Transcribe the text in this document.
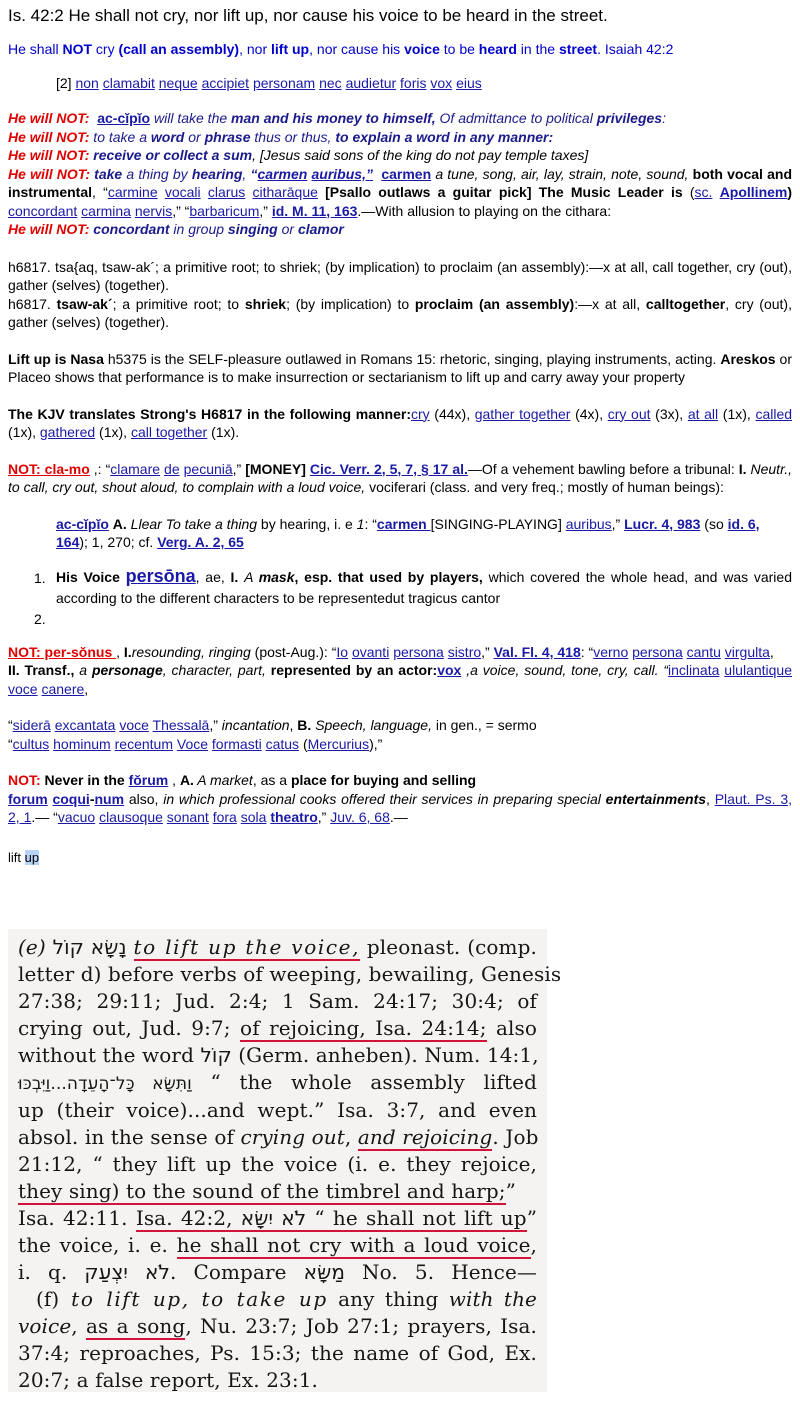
Is. 42:2 He shall not cry, nor lift up, nor cause his voice to be heard in the street.

He shall NOT cry (call an assembly), nor lift up, nor cause his voice to be heard in the street. Isaiah 42:2

[2] non clamabit neque accipiet personam nec audietur foris vox eius

He will NOT: ac-cĭpĭo will take the man and his money to himself, Of admittance to political privileges:

He will NOT: to take a word or phrase thus or thus, to explain a word in any manner:

He will NOT: receive or collect a sum, [Jesus said sons of the king do not pay temple taxes]

He will NOT: take a thing by hearing, “carmen auribus,” carmen a tune, song, air, lay, strain, note, sound, both vocal and instrumental, “carmine vocali clarus citharāque [Psallo outlaws a guitar pick] The Music Leader is (sc. Apollinem) concordant carmina nervis,” “barbaricum,” id. M. 11, 163.—With allusion to playing on the cithara:

He will NOT: concordant in group singing or clamor

h6817. tsa{aq, tsaw-ak´; a primitive root; to shriek; (by implication) to proclaim (an assembly):—x at all, call together, cry (out), gather (selves) (together).

h6817. tsaw-ak´; a primitive root; to shriek; (by implication) to proclaim (an assembly):—x at all, calltogether, cry (out), gather (selves) (together).

Lift up is Nasa h5375 is the SELF-pleasure outlawed in Romans 15: rhetoric, singing, playing instruments, acting. Areskos or Placeo shows that performance is to make insurrection or sectarianism to lift up and carry away your property

The KJV translates Strong's H6817 in the following manner:cry (44x), gather together (4x), cry out (3x), at all (1x), called (1x), gathered (1x), call together (1x).

NOT: cla-mo ,: “clamare de pecuniā,” [MONEY] Cic. Verr. 2, 5, 7, § 17 al.—Of a vehement bawling before a tribunal: I. Neutr., to call, cry out, shout aloud, to complain with a loud voice, vociferari (class. and very freq.; mostly of human beings):

ac-cĭpĭo A. Llear To take a thing by hearing, i. e 1: “carmen [SINGING-PLAYING] auribus,” Lucr. 4, 983 (so id. 6, 164); 1, 270; cf. Verg. A. 2, 65

1. His Voice persōna, ae, I. A mask, esp. that used by players, which covered the whole head, and was varied according to the different characters to be representedut tragicus cantor

2.

NOT: per-sŏnus , I.resounding, ringing (post-Aug.): “Io ovanti persona sistro,” Val. Fl. 4, 418: “verno persona cantu virgulta,
II. Transf., a personage, character, part, represented by an actor:vox ,a voice, sound, tone, cry, call. “inclinata ululantique voce canere,

“siderā excantata voce Thessalā,” incantation, B. Speech, language, in gen., = sermo
“cultus hominum recentum Voce formasti catus (Mercurius),”

NOT: Never in the fŏrum , A. A market, as a place for buying and selling
forum coqui-num also, in which professional cooks offered their services in preparing special entertainments, Plaut. Ps. 3, 2, 1.— “vacuo clausoque sonant fora sola theatro,” Juv. 6, 68.—

lift up

(e) נָשָׂא קוֹל to lift up the voice, pleonast. (comp.

letter d) before verbs of weeping, bewailing, Genesis

27:38; 29:11; Jud. 2:4; 1 Sam. 24:17; 30:4; of

crying out, Jud. 9:7; of rejoicing, Isa. 24:14; also

without the word קוֹל (Germ. anheben). Num. 14:1,

וַתִּשָּׂא כָּל־הָעֵדָה...וַיִּבְכּוּ “ the whole assembly lifted

up (their voice)...and wept.” Isa. 3:7, and even

absol. in the sense of crying out, and rejoicing. Job

21:12, “ they lift up the voice (i. e. they rejoice,

they sing) to the sound of the timbrel and harp;”

Isa. 42:11. Isa. 42:2, לֹא יִשָּׂא “ he shall not lift up”

the voice, i. e. he shall not cry with a loud voice,

i. q. לֹא יִצְעַק. Compare מַשָּׂא No. 5. Hence—

(f) to lift up, to take up any thing with the

voice, as a song, Nu. 23:7; Job 27:1; prayers, Isa.

37:4; reproaches, Ps. 15:3; the name of God, Ex.

20:7; a false report, Ex. 23:1.
